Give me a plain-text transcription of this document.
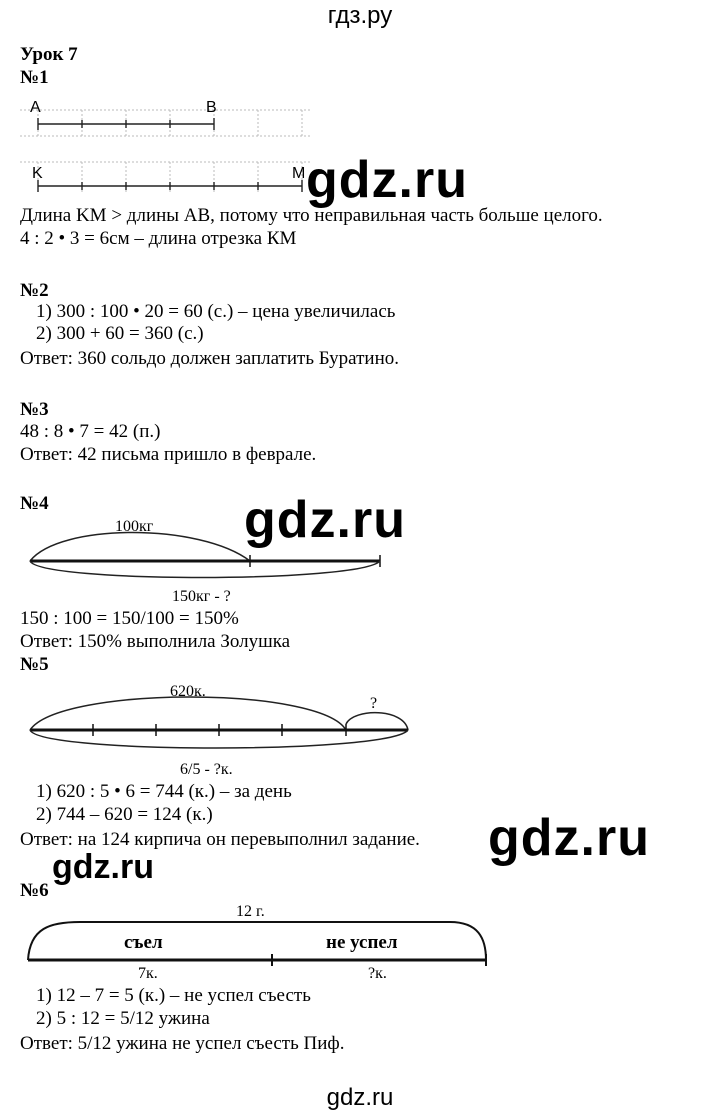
гдз.ру
Урок 7
№1
A	B
K	M gdz.ru
Длина KM > длины AB, потому что неправильная часть больше целого.
4 : 2 • 3 = 6см – длина отрезка КМ
№2
1) 300 : 100 • 20 = 60 (с.) – цена увеличилась
2) 300 + 60 = 360 (с.)
Ответ: 360 сольдо должен заплатить Буратино.
№3
48 : 8 • 7 = 42 (п.)
Ответ: 42 письма пришло в феврале.
№4	gdz.ru
100кг
150кг - ?
150 : 100 = 150/100 = 150%
Ответ: 150% выполнила Золушка
№5
620к.
?
6/5 - ?к.
1) 620 : 5 • 6 = 744 (к.) – за день
2) 744 – 620 = 124 (к.)
Ответ: на 124 кирпича он перевыполнил задание. gdz.ru
gdz.ru
№6
12 г.
съел	не успел
7к.	?к.
1) 12 – 7 = 5 (к.) – не успел съесть
2) 5 : 12 = 5/12 ужина
Ответ: 5/12 ужина не успел съесть Пиф.
gdz.ru
